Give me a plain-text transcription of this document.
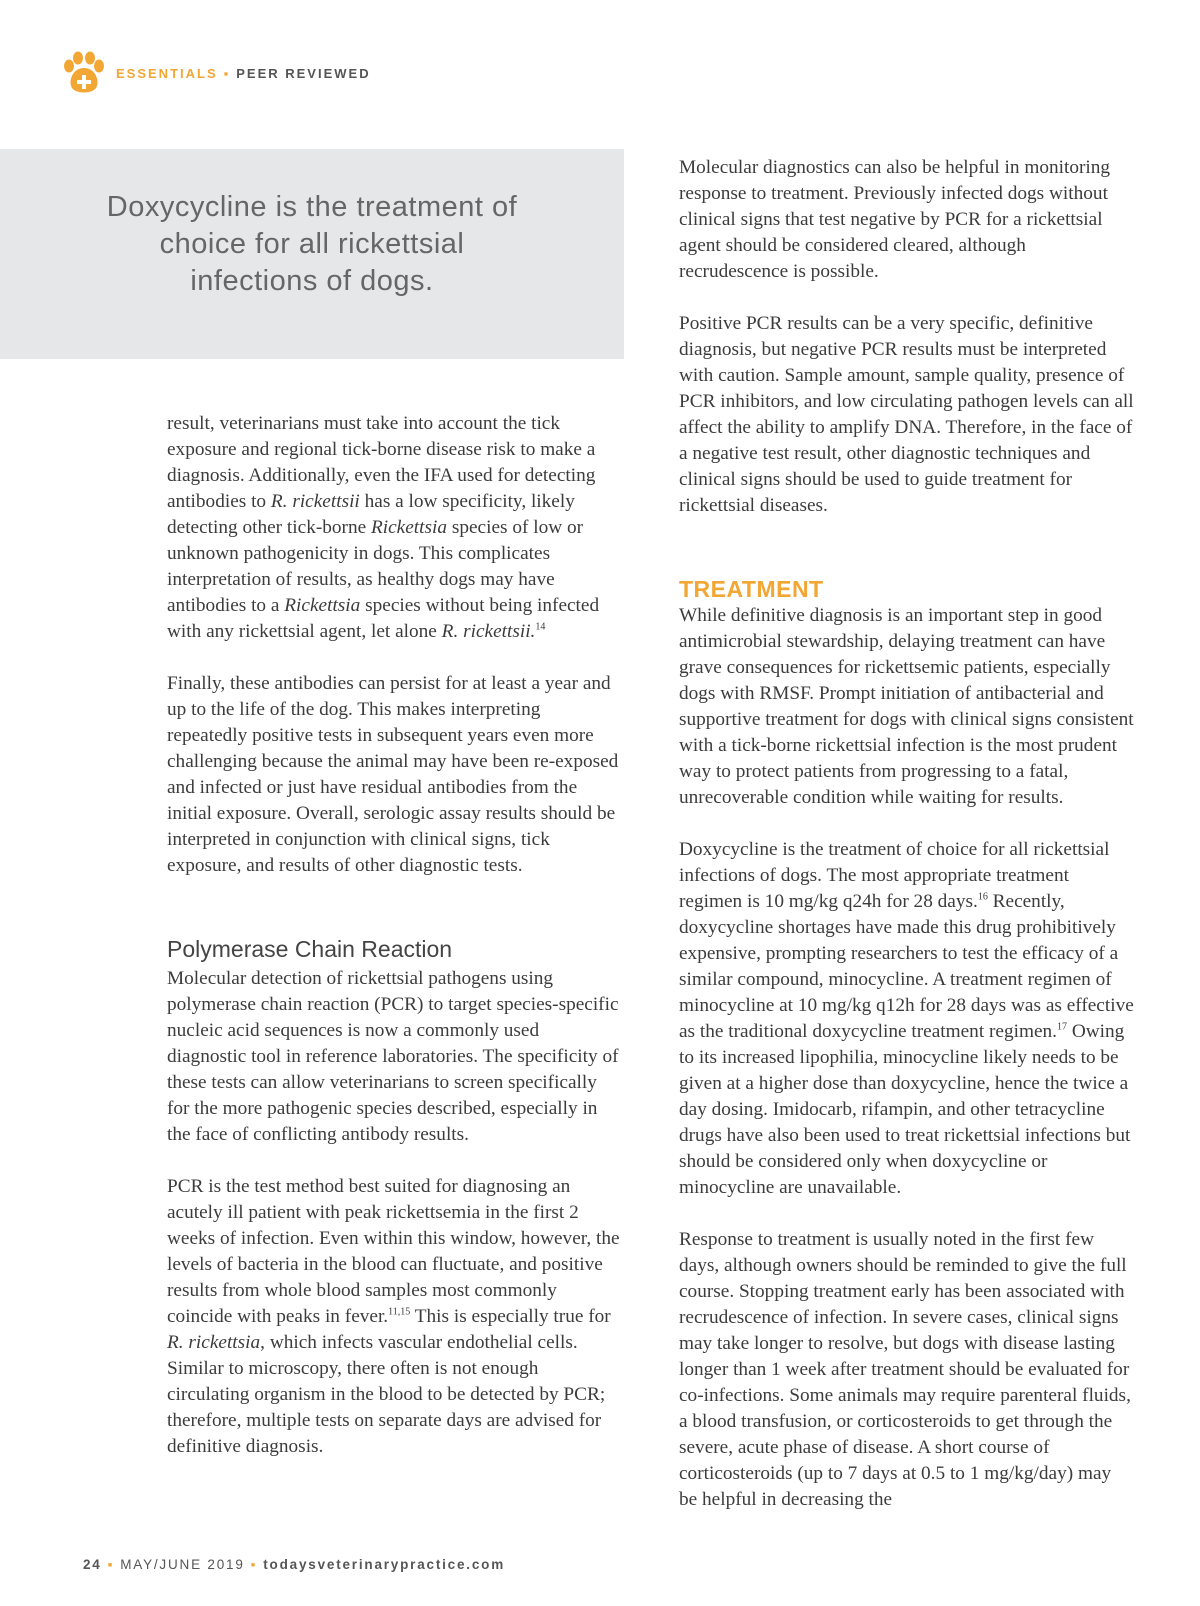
ESSENTIALS ▪ PEER REVIEWED

Doxycycline is the treatment of choice for all rickettsial infections of dogs.

result, veterinarians must take into account the tick exposure and regional tick-borne disease risk to make a diagnosis. Additionally, even the IFA used for detecting antibodies to R. rickettsii has a low specificity, likely detecting other tick-borne Rickettsia species of low or unknown pathogenicity in dogs. This complicates interpretation of results, as healthy dogs may have antibodies to a Rickettsia species without being infected with any rickettsial agent, let alone R. rickettsii.$^{14}$

Finally, these antibodies can persist for at least a year and up to the life of the dog. This makes interpreting repeatedly positive tests in subsequent years even more challenging because the animal may have been re-exposed and infected or just have residual antibodies from the initial exposure. Overall, serologic assay results should be interpreted in conjunction with clinical signs, tick exposure, and results of other diagnostic tests.

Polymerase Chain Reaction

Molecular detection of rickettsial pathogens using polymerase chain reaction (PCR) to target species-specific nucleic acid sequences is now a commonly used diagnostic tool in reference laboratories. The specificity of these tests can allow veterinarians to screen specifically for the more pathogenic species described, especially in the face of conflicting antibody results.

PCR is the test method best suited for diagnosing an acutely ill patient with peak rickettsemia in the first 2 weeks of infection. Even within this window, however, the levels of bacteria in the blood can fluctuate, and positive results from whole blood samples most commonly coincide with peaks in fever.$^{11,15}$ This is especially true for R. rickettsia, which infects vascular endothelial cells. Similar to microscopy, there often is not enough circulating organism in the blood to be detected by PCR; therefore, multiple tests on separate days are advised for definitive diagnosis.

Molecular diagnostics can also be helpful in monitoring response to treatment. Previously infected dogs without clinical signs that test negative by PCR for a rickettsial agent should be considered cleared, although recrudescence is possible.

Positive PCR results can be a very specific, definitive diagnosis, but negative PCR results must be interpreted with caution. Sample amount, sample quality, presence of PCR inhibitors, and low circulating pathogen levels can all affect the ability to amplify DNA. Therefore, in the face of a negative test result, other diagnostic techniques and clinical signs should be used to guide treatment for rickettsial diseases.

TREATMENT

While definitive diagnosis is an important step in good antimicrobial stewardship, delaying treatment can have grave consequences for rickettsemic patients, especially dogs with RMSF. Prompt initiation of antibacterial and supportive treatment for dogs with clinical signs consistent with a tick-borne rickettsial infection is the most prudent way to protect patients from progressing to a fatal, unrecoverable condition while waiting for results.

Doxycycline is the treatment of choice for all rickettsial infections of dogs. The most appropriate treatment regimen is 10 mg/kg q24h for 28 days.$^{16}$ Recently, doxycycline shortages have made this drug prohibitively expensive, prompting researchers to test the efficacy of a similar compound, minocycline. A treatment regimen of minocycline at 10 mg/kg q12h for 28 days was as effective as the traditional doxycycline treatment regimen.$^{17}$ Owing to its increased lipophilia, minocycline likely needs to be given at a higher dose than doxycycline, hence the twice a day dosing. Imidocarb, rifampin, and other tetracycline drugs have also been used to treat rickettsial infections but should be considered only when doxycycline or minocycline are unavailable.

Response to treatment is usually noted in the first few days, although owners should be reminded to give the full course. Stopping treatment early has been associated with recrudescence of infection. In severe cases, clinical signs may take longer to resolve, but dogs with disease lasting longer than 1 week after treatment should be evaluated for co-infections. Some animals may require parenteral fluids, a blood transfusion, or corticosteroids to get through the severe, acute phase of disease. A short course of corticosteroids (up to 7 days at 0.5 to 1 mg/kg/day) may be helpful in decreasing the

24 ▪ MAY/JUNE 2019 ▪ todaysveterinarypractice.com
